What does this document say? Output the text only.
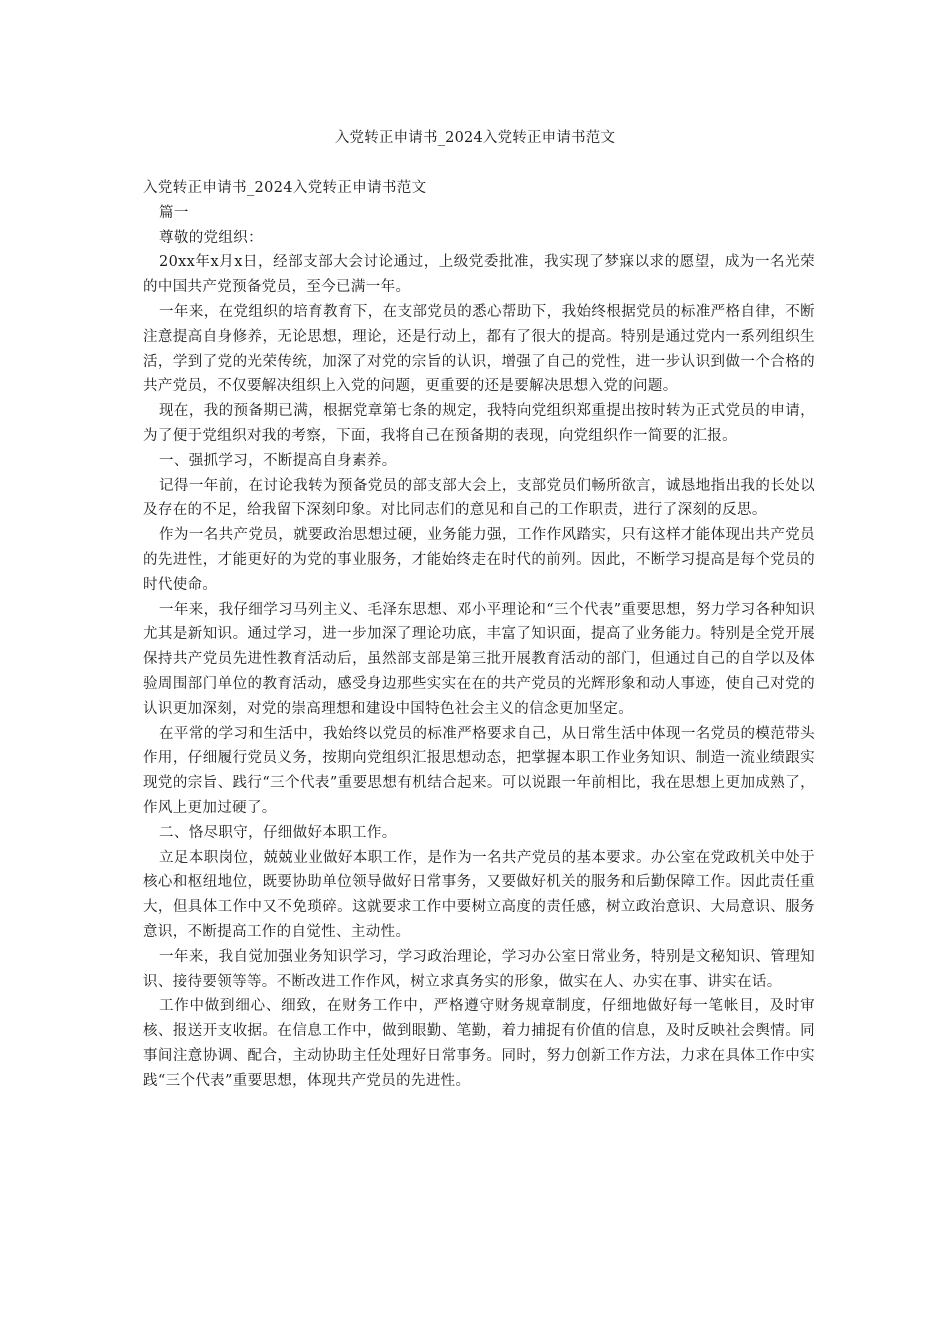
入党转正申请书_2024入党转正申请书范文

入党转正申请书_2024入党转正申请书范文

篇一

尊敬的党组织：

20xx年x月x日，经部支部大会讨论通过，上级党委批准，我实现了梦寐以求的愿望，成为一名光荣的中国共产党预备党员，至今已满一年。

一年来，在党组织的培育教育下，在支部党员的悉心帮助下，我始终根据党员的标准严格自律，不断注意提高自身修养，无论思想，理论，还是行动上，都有了很大的提高。特别是通过党内一系列组织生活，学到了党的光荣传统，加深了对党的宗旨的认识，增强了自己的党性，进一步认识到做一个合格的共产党员，不仅要解决组织上入党的问题，更重要的还是要解决思想入党的问题。

现在，我的预备期已满，根据党章第七条的规定，我特向党组织郑重提出按时转为正式党员的申请，为了便于党组织对我的考察，下面，我将自己在预备期的表现，向党组织作一简要的汇报。

一、强抓学习，不断提高自身素养。

记得一年前，在讨论我转为预备党员的部支部大会上，支部党员们畅所欲言，诚恳地指出我的长处以及存在的不足，给我留下深刻印象。对比同志们的意见和自己的工作职责，进行了深刻的反思。

作为一名共产党员，就要政治思想过硬，业务能力强，工作作风踏实，只有这样才能体现出共产党员的先进性，才能更好的为党的事业服务，才能始终走在时代的前列。因此，不断学习提高是每个党员的时代使命。

一年来，我仔细学习马列主义、毛泽东思想、邓小平理论和“三个代表”重要思想，努力学习各种知识尤其是新知识。通过学习，进一步加深了理论功底，丰富了知识面，提高了业务能力。特别是全党开展保持共产党员先进性教育活动后，虽然部支部是第三批开展教育活动的部门，但通过自己的自学以及体验周围部门单位的教育活动，感受身边那些实实在在的共产党员的光辉形象和动人事迹，使自己对党的认识更加深刻，对党的崇高理想和建设中国特色社会主义的信念更加坚定。

在平常的学习和生活中，我始终以党员的标准严格要求自己，从日常生活中体现一名党员的模范带头作用，仔细履行党员义务，按期向党组织汇报思想动态，把掌握本职工作业务知识、制造一流业绩跟实现党的宗旨、践行“三个代表”重要思想有机结合起来。可以说跟一年前相比，我在思想上更加成熟了，作风上更加过硬了。

二、恪尽职守，仔细做好本职工作。

立足本职岗位，兢兢业业做好本职工作，是作为一名共产党员的基本要求。办公室在党政机关中处于核心和枢纽地位，既要协助单位领导做好日常事务，又要做好机关的服务和后勤保障工作。因此责任重大，但具体工作中又不免琐碎。这就要求工作中要树立高度的责任感，树立政治意识、大局意识、服务意识，不断提高工作的自觉性、主动性。

一年来，我自觉加强业务知识学习，学习政治理论，学习办公室日常业务，特别是文秘知识、管理知识、接待要领等等。不断改进工作作风，树立求真务实的形象，做实在人、办实在事、讲实在话。

工作中做到细心、细致，在财务工作中，严格遵守财务规章制度，仔细地做好每一笔帐目，及时审核、报送开支收据。在信息工作中，做到眼勤、笔勤，着力捕捉有价值的信息，及时反映社会舆情。同事间注意协调、配合，主动协助主任处理好日常事务。同时，努力创新工作方法，力求在具体工作中实践“三个代表”重要思想，体现共产党员的先进性。
